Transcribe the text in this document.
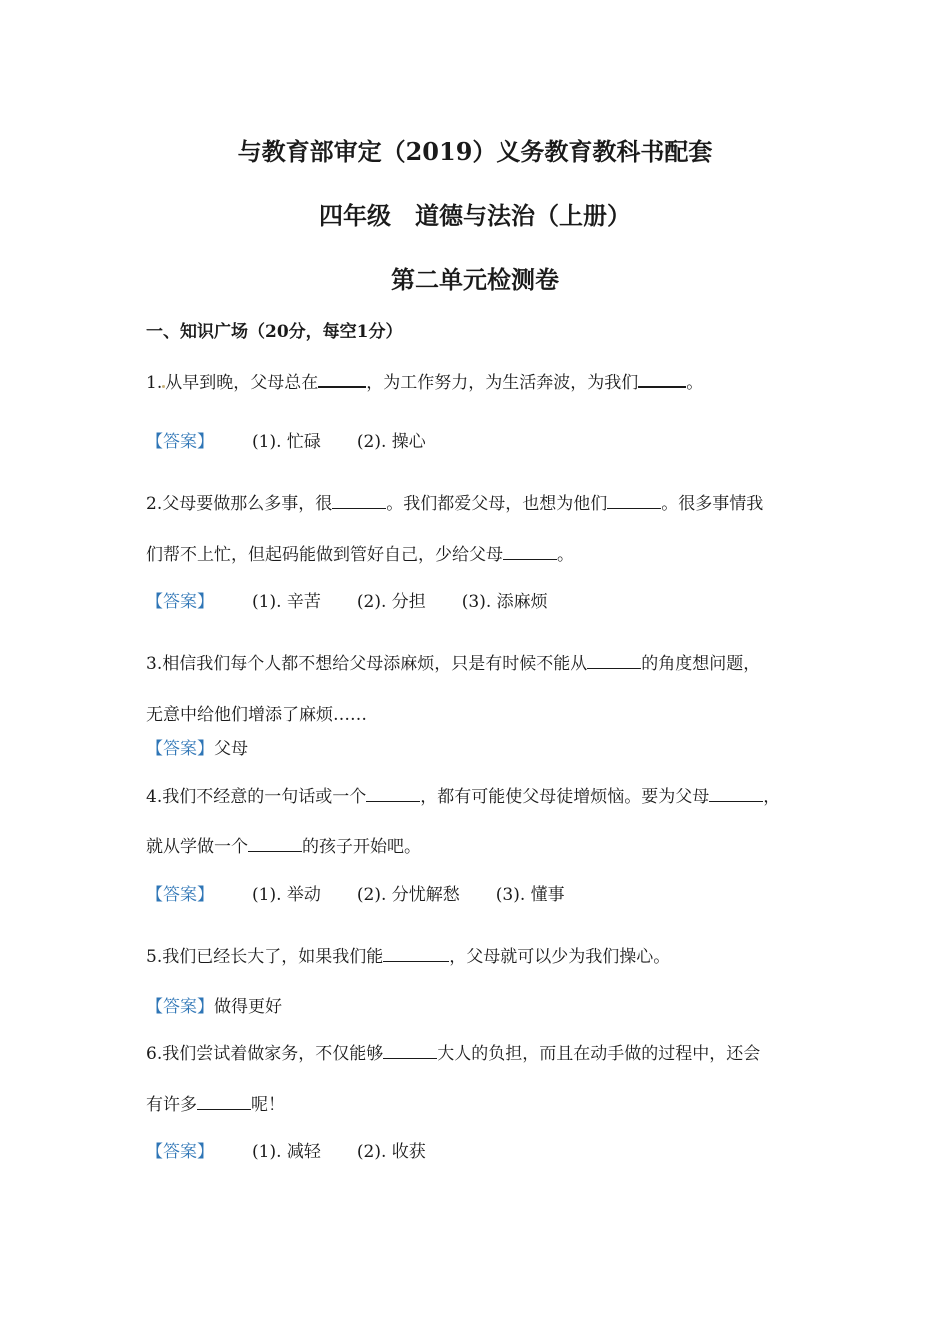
与教育部审定（2019）义务教育教科书配套
四年级　道德与法治（上册）
第二单元检测卷
一、知识广场（20分，每空1分）
1. 从早到晚，父母总在	，为工作努力，为生活奔波，为我们	。
【答案】 (1). 忙碌 (2). 操心
2.父母要做那么多事，很	。我们都爱父母，也想为他们	。很多事情我
们帮不上忙，但起码能做到管好自己，少给父母	。
【答案】 (1). 辛苦 (2). 分担 (3). 添麻烦
3.相信我们每个人都不想给父母添麻烦，只是有时候不能从	的角度想问题，
无意中给他们增添了麻烦……
【答案】父母
4.我们不经意的一句话或一个	，都有可能使父母徒增烦恼。要为父母	，
就从学做一个	的孩子开始吧。
【答案】 (1). 举动 (2). 分忧解愁 (3). 懂事
5.我们已经长大了，如果我们能	，父母就可以少为我们操心。
【答案】做得更好
6.我们尝试着做家务，不仅能够	大人的负担，而且在动手做的过程中，还会
有许多	呢！
【答案】 (1). 减轻 (2). 收获
